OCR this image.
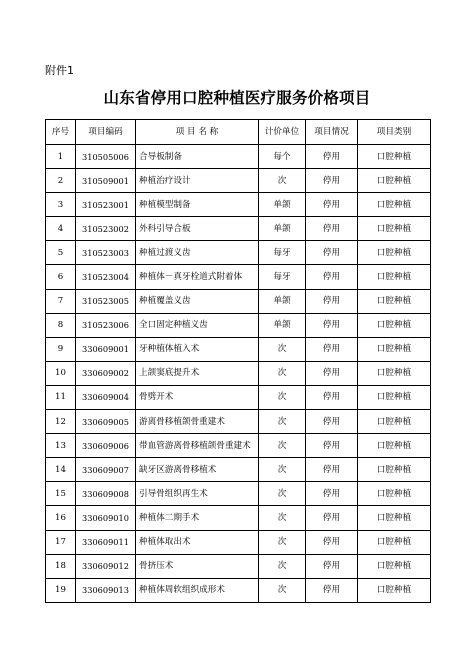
附件1
山东省停用口腔种植医疗服务价格项目
序号	项目编码	项 目 名 称	计价单位	项目情况	项目类别
1	310505006	合导板制备	每个	停用	口腔种植
2	310509001	种植治疗设计	次	停用	口腔种植
3	310523001	种植模型制备	单颌	停用	口腔种植
4	310523002	外科引导合板	单颌	停用	口腔种植
5	310523003	种植过渡义齿	每牙	停用	口腔种植
6	310523004	种植体－真牙栓道式附着体	每牙	停用	口腔种植
7	310523005	种植覆盖义齿	单颌	停用	口腔种植
8	310523006	全口固定种植义齿	单颌	停用	口腔种植
9	330609001	牙种植体植入术	次	停用	口腔种植
10	330609002	上颌窦底提升术	次	停用	口腔种植
11	330609004	骨劈开术	次	停用	口腔种植
12	330609005	游离骨移植颌骨重建术	次	停用	口腔种植
13	330609006	带血管游离骨移植颌骨重建术	次	停用	口腔种植
14	330609007	缺牙区游离骨移植术	次	停用	口腔种植
15	330609008	引导骨组织再生术	次	停用	口腔种植
16	330609010	种植体二期手术	次	停用	口腔种植
17	330609011	种植体取出术	次	停用	口腔种植
18	330609012	骨挤压术	次	停用	口腔种植
19	330609013	种植体周软组织成形术	次	停用	口腔种植
